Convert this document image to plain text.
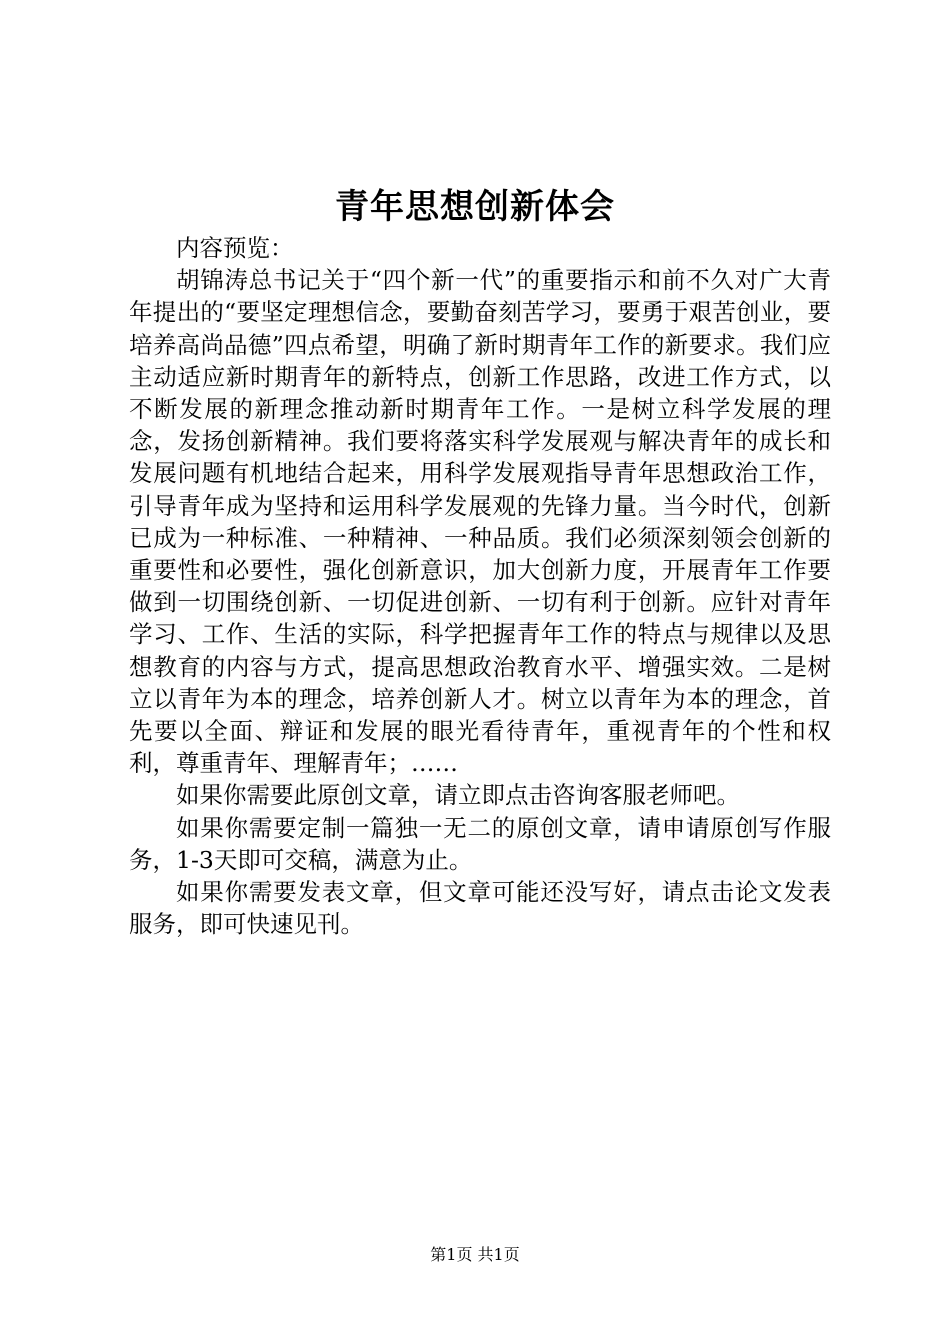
青年思想创新体会

内容预览：

胡锦涛总书记关于“四个新一代”的重要指示和前不久对广大青年提出的“要坚定理想信念，要勤奋刻苦学习，要勇于艰苦创业，要培养高尚品德”四点希望，明确了新时期青年工作的新要求。我们应主动适应新时期青年的新特点，创新工作思路，改进工作方式，以不断发展的新理念推动新时期青年工作。一是树立科学发展的理念，发扬创新精神。我们要将落实科学发展观与解决青年的成长和发展问题有机地结合起来，用科学发展观指导青年思想政治工作，引导青年成为坚持和运用科学发展观的先锋力量。当今时代，创新已成为一种标准、一种精神、一种品质。我们必须深刻领会创新的重要性和必要性，强化创新意识，加大创新力度，开展青年工作要做到一切围绕创新、一切促进创新、一切有利于创新。应针对青年学习、工作、生活的实际，科学把握青年工作的特点与规律以及思想教育的内容与方式，提高思想政治教育水平、增强实效。二是树立以青年为本的理念，培养创新人才。树立以青年为本的理念，首先要以全面、辩证和发展的眼光看待青年，重视青年的个性和权利，尊重青年、理解青年；……

如果你需要此原创文章，请立即点击咨询客服老师吧。

如果你需要定制一篇独一无二的原创文章，请申请原创写作服务，1-3天即可交稿，满意为止。

如果你需要发表文章，但文章可能还没写好，请点击论文发表服务，即可快速见刊。

第1页 共1页
